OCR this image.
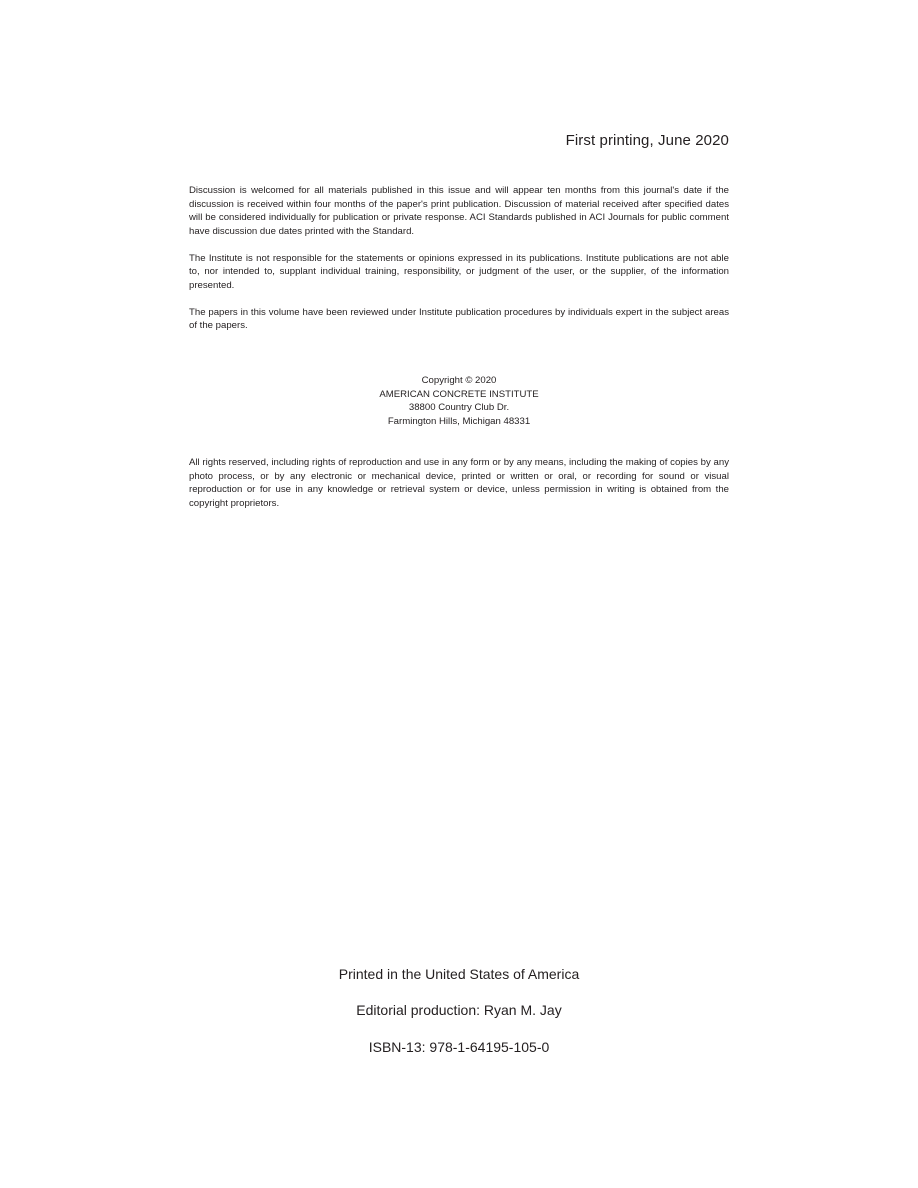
First printing, June 2020

Discussion is welcomed for all materials published in this issue and will appear ten months from this journal's date if the discussion is received within four months of the paper's print publication. Discussion of material received after specified dates will be considered individually for publication or private response. ACI Standards published in ACI Journals for public comment have discussion due dates printed with the Standard.

The Institute is not responsible for the statements or opinions expressed in its publications. Institute publications are not able to, nor intended to, supplant individual training, responsibility, or judgment of the user, or the supplier, of the information presented.

The papers in this volume have been reviewed under Institute publication procedures by individuals expert in the subject areas of the papers.

Copyright © 2020
AMERICAN CONCRETE INSTITUTE
38800 Country Club Dr.
Farmington Hills, Michigan 48331

All rights reserved, including rights of reproduction and use in any form or by any means, including the making of copies by any photo process, or by any electronic or mechanical device, printed or written or oral, or recording for sound or visual reproduction or for use in any knowledge or retrieval system or device, unless permission in writing is obtained from the copyright proprietors.

Printed in the United States of America
Editorial production: Ryan M. Jay
ISBN-13: 978-1-64195-105-0
